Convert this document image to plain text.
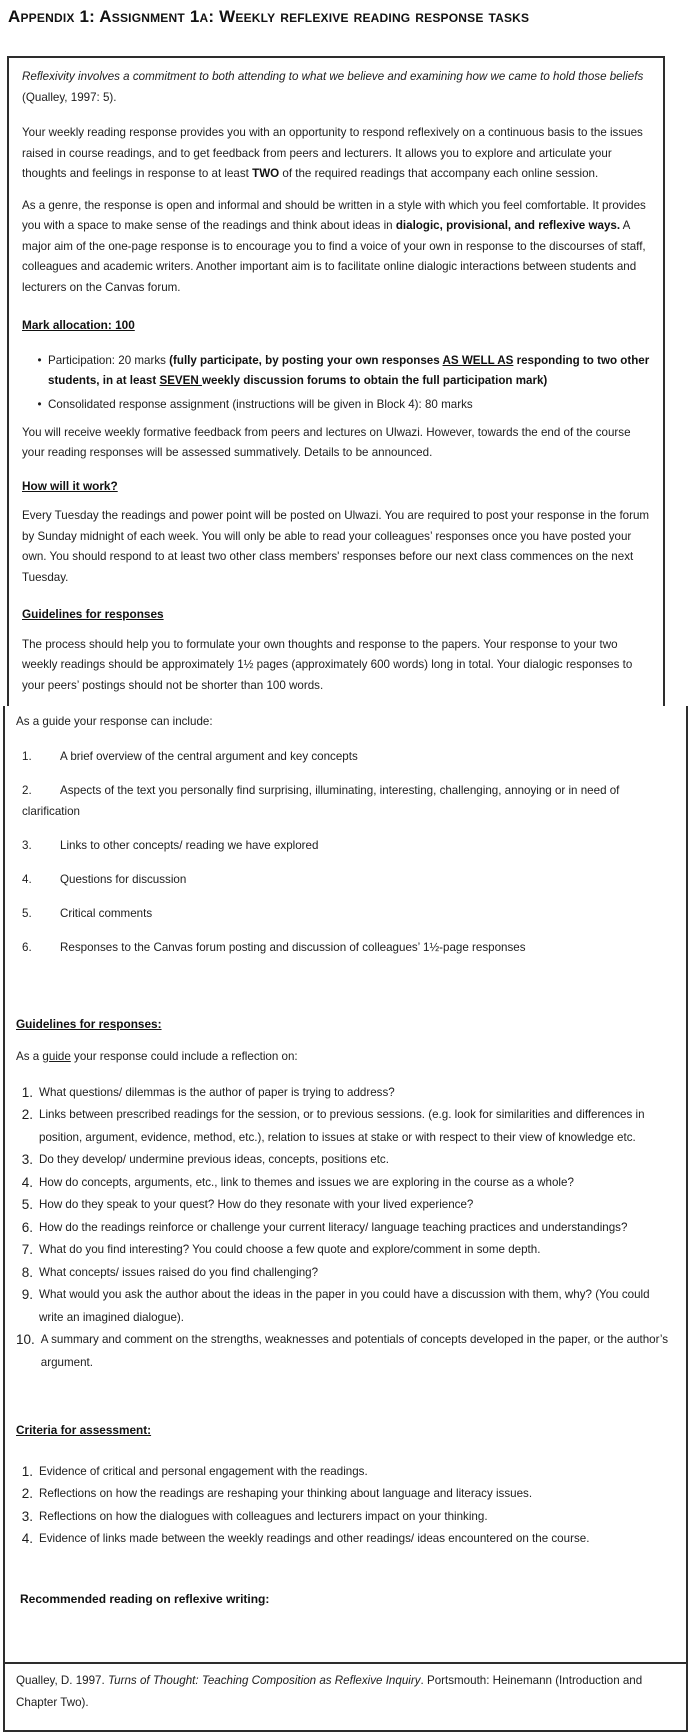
Appendix 1: Assignment 1a: Weekly reflexive reading response tasks

Reflexivity involves a commitment to both attending to what we believe and examining how we came to hold those beliefs (Qualley, 1997: 5).

Your weekly reading response provides you with an opportunity to respond reflexively on a continuous basis to the issues raised in course readings, and to get feedback from peers and lecturers. It allows you to explore and articulate your thoughts and feelings in response to at least TWO of the required readings that accompany each online session.

As a genre, the response is open and informal and should be written in a style with which you feel comfortable. It provides you with a space to make sense of the readings and think about ideas in dialogic, provisional, and reflexive ways. A major aim of the one-page response is to encourage you to find a voice of your own in response to the discourses of staff, colleagues and academic writers. Another important aim is to facilitate online dialogic interactions between students and lecturers on the Canvas forum.

Mark allocation: 100
• Participation: 20 marks (fully participate, by posting your own responses AS WELL AS responding to two other students, in at least SEVEN weekly discussion forums to obtain the full participation mark)
• Consolidated response assignment (instructions will be given in Block 4): 80 marks

You will receive weekly formative feedback from peers and lectures on Ulwazi. However, towards the end of the course your reading responses will be assessed summatively. Details to be announced.

How will it work?

Every Tuesday the readings and power point will be posted on Ulwazi. You are required to post your response in the forum by Sunday midnight of each week. You will only be able to read your colleagues’ responses once you have posted your own. You should respond to at least two other class members' responses before our next class commences on the next Tuesday.

Guidelines for responses

The process should help you to formulate your own thoughts and response to the papers. Your response to your two weekly readings should be approximately 1½ pages (approximately 600 words) long in total. Your dialogic responses to your peers’ postings should not be shorter than 100 words.

As a guide your response can include:

1. A brief overview of the central argument and key concepts
2. Aspects of the text you personally find surprising, illuminating, interesting, challenging, annoying or in need of clarification
3. Links to other concepts/ reading we have explored
4. Questions for discussion
5. Critical comments
6. Responses to the Canvas forum posting and discussion of colleagues’ 1½-page responses
Guidelines for responses:

As a guide your response could include a reflection on:

1. What questions/ dilemmas is the author of paper is trying to address?
2. Links between prescribed readings for the session, or to previous sessions. (e.g. look for similarities and differences in position, argument, evidence, method, etc.), relation to issues at stake or with respect to their view of knowledge etc.
3. Do they develop/ undermine previous ideas, concepts, positions etc.
4. How do concepts, arguments, etc., link to themes and issues we are exploring in the course as a whole?
5. How do they speak to your quest? How do they resonate with your lived experience?
6. How do the readings reinforce or challenge your current literacy/ language teaching practices and understandings?
7. What do you find interesting? You could choose a few quote and explore/comment in some depth.
8. What concepts/ issues raised do you find challenging?
9. What would you ask the author about the ideas in the paper in you could have a discussion with them, why? (You could write an imagined dialogue).
10. A summary and comment on the strengths, weaknesses and potentials of concepts developed in the paper, or the author’s argument.
Criteria for assessment:
1. Evidence of critical and personal engagement with the readings.
2. Reflections on how the readings are reshaping your thinking about language and literacy issues.
3. Reflections on how the dialogues with colleagues and lecturers impact on your thinking.
4. Evidence of links made between the weekly readings and other readings/ ideas encountered on the course.
Recommended reading on reflexive writing:
Qualley, D. 1997. Turns of Thought: Teaching Composition as Reflexive Inquiry. Portsmouth: Heinemann (Introduction and Chapter Two).
